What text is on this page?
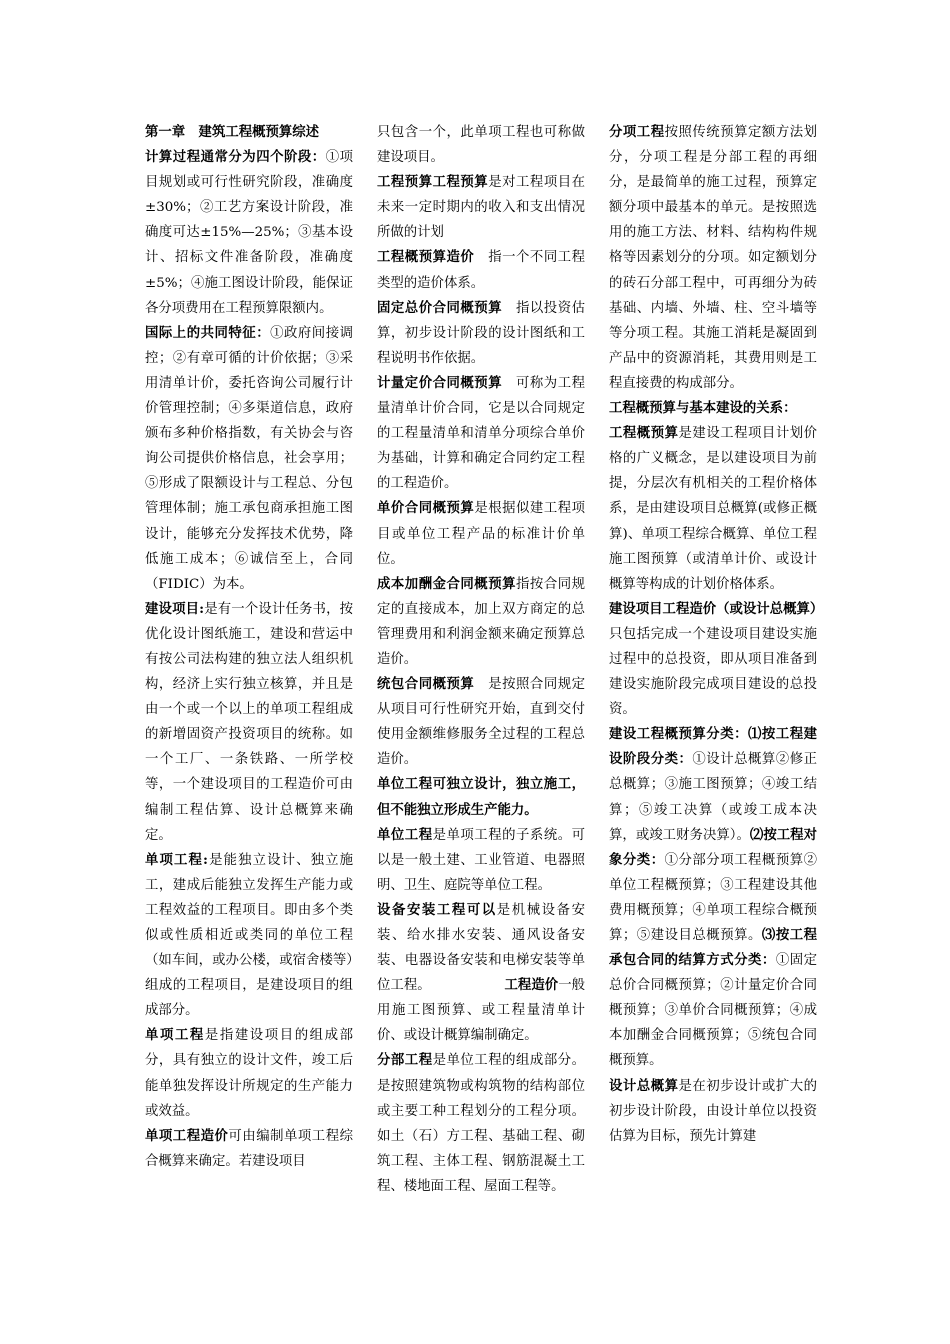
第一章　建筑工程概预算综述

计算过程通常分为四个阶段：①项目规划或可行性研究阶段，准确度±30%；②工艺方案设计阶段，准确度可达±15%—25%；③基本设计、招标文件准备阶段，准确度±5%；④施工图设计阶段，能保证各分项费用在工程预算限额内。

国际上的共同特征：①政府间接调控；②有章可循的计价依据；③采用清单计价，委托咨询公司履行计价管理控制；④多渠道信息，政府颁布多种价格指数，有关协会与咨询公司提供价格信息，社会享用；⑤形成了限额设计与工程总、分包管理体制；施工承包商承担施工图设计，能够充分发挥技术优势，降低施工成本；⑥诚信至上，合同（FIDIC）为本。

建设项目:是有一个设计任务书，按优化设计图纸施工，建设和营运中有按公司法构建的独立法人组织机构，经济上实行独立核算，并且是由一个或一个以上的单项工程组成的新增固资产投资项目的统称。如一个工厂、一条铁路、一所学校等，一个建设项目的工程造价可由编制工程估算、设计总概算来确定。

单项工程:是能独立设计、独立施工，建成后能独立发挥生产能力或工程效益的工程项目。即由多个类似或性质相近或类同的单位工程（如车间，或办公楼，或宿舍楼等）组成的工程项目，是建设项目的组成部分。

单项工程是指建设项目的组成部分，具有独立的设计文件，竣工后能单独发挥设计所规定的生产能力或效益。

单项工程造价可由编制单项工程综合概算来确定。若建设项目

只包含一个，此单项工程也可称做建设项目。

工程预算工程预算是对工程项目在未来一定时期内的收入和支出情况所做的计划

工程概预算造价　指一个不同工程类型的造价体系。

固定总价合同概预算　指以投资估算，初步设计阶段的设计图纸和工程说明书作依据。

计量定价合同概预算　可称为工程量清单计价合同，它是以合同规定的工程量清单和清单分项综合单价为基础，计算和确定合同约定工程的工程造价。

单价合同概预算是根据似建工程项目或单位工程产品的标准计价单位。

成本加酬金合同概预算指按合同规定的直接成本，加上双方商定的总管理费用和利润金额来确定预算总造价。

统包合同概预算　是按照合同规定从项目可行性研究开始，直到交付使用金额维修服务全过程的工程总造价。

单位工程可独立设计，独立施工，但不能独立形成生产能力。

单位工程是单项工程的子系统。可以是一般土建、工业管道、电器照明、卫生、庭院等单位工程。

设备安装工程可以是机械设备安装、给水排水安装、通风设备安装、电器设备安装和电梯安装等单位工程。　　　　　　工程造价一般用施工图预算、或工程量清单计价、或设计概算编制确定。

分部工程是单位工程的组成部分。是按照建筑物或构筑物的结构部位或主要工种工程划分的工程分项。如土（石）方工程、基础工程、砌筑工程、主体工程、钢筋混凝土工程、楼地面工程、屋面工程等。

分项工程按照传统预算定额方法划分，分项工程是分部工程的再细分，是最简单的施工过程，预算定额分项中最基本的单元。是按照选用的施工方法、材料、结构构件规格等因素划分的分项。如定额划分的砖石分部工程中，可再细分为砖基础、内墙、外墙、柱、空斗墙等等分项工程。其施工消耗是凝固到产品中的资源消耗，其费用则是工程直接费的构成部分。

工程概预算与基本建设的关系：

工程概预算是建设工程项目计划价格的广义概念，是以建设项目为前提，分层次有机相关的工程价格体系，是由建设项目总概算(或修正概算)、单项工程综合概算、单位工程施工图预算（或清单计价、或设计概算等构成的计划价格体系。

建设项目工程造价（或设计总概算）只包括完成一个建设项目建设实施过程中的总投资，即从项目准备到建设实施阶段完成项目建设的总投资。

建设工程概预算分类：⑴按工程建设阶段分类：①设计总概算②修正总概算；③施工图预算；④竣工结算；⑤竣工决算（或竣工成本决算，或竣工财务决算）。⑵按工程对象分类：①分部分项工程概预算②单位工程概预算；③工程建设其他费用概预算；④单项工程综合概预算；⑤建设目总概预算。⑶按工程承包合同的结算方式分类：①固定总价合同概预算；②计量定价合同概预算；③单价合同概预算；④成本加酬金合同概预算；⑤统包合同概预算。

设计总概算是在初步设计或扩大的初步设计阶段，由设计单位以投资估算为目标，预先计算建
